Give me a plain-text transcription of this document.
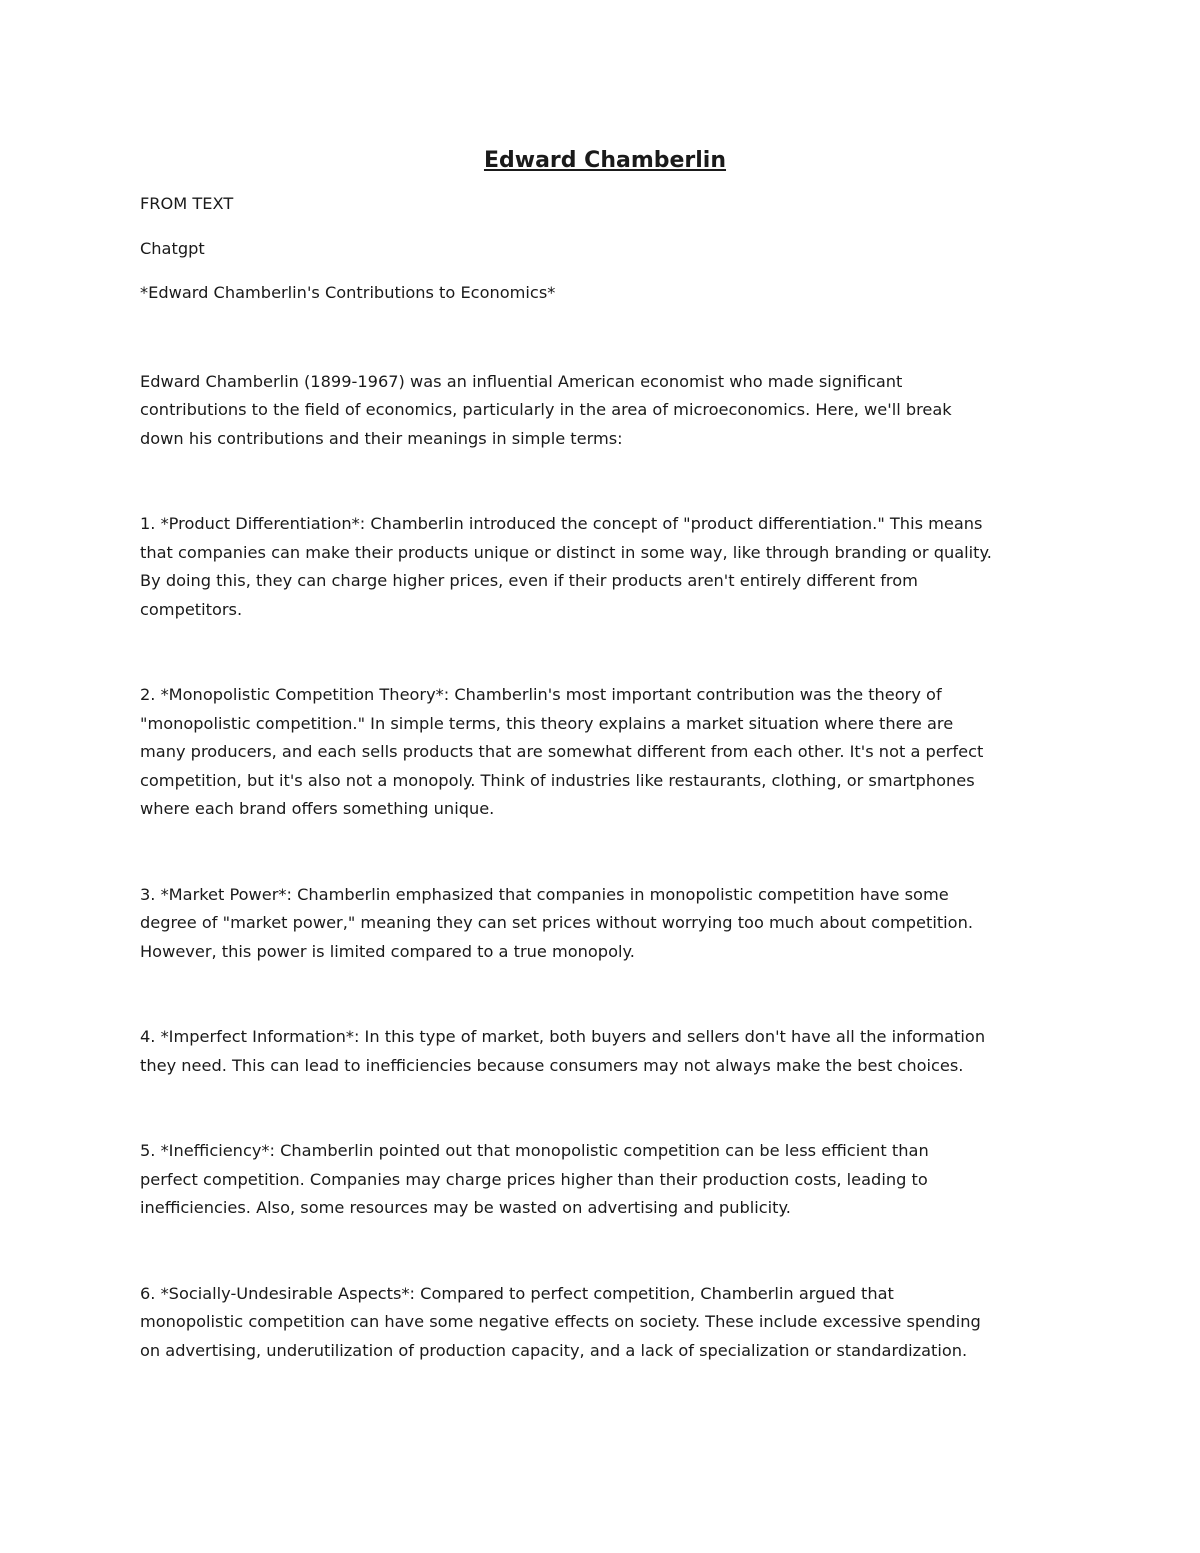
Edward Chamberlin

FROM TEXT

Chatgpt

*Edward Chamberlin's Contributions to Economics*

Edward Chamberlin (1899-1967) was an influential American economist who made significant

contributions to the field of economics, particularly in the area of microeconomics. Here, we'll break

down his contributions and their meanings in simple terms:

1. *Product Differentiation*: Chamberlin introduced the concept of "product differentiation." This means

that companies can make their products unique or distinct in some way, like through branding or quality.

By doing this, they can charge higher prices, even if their products aren't entirely different from

competitors.

2. *Monopolistic Competition Theory*: Chamberlin's most important contribution was the theory of

"monopolistic competition." In simple terms, this theory explains a market situation where there are

many producers, and each sells products that are somewhat different from each other. It's not a perfect

competition, but it's also not a monopoly. Think of industries like restaurants, clothing, or smartphones

where each brand offers something unique.

3. *Market Power*: Chamberlin emphasized that companies in monopolistic competition have some

degree of "market power," meaning they can set prices without worrying too much about competition.

However, this power is limited compared to a true monopoly.

4. *Imperfect Information*: In this type of market, both buyers and sellers don't have all the information

they need. This can lead to inefficiencies because consumers may not always make the best choices.

5. *Inefficiency*: Chamberlin pointed out that monopolistic competition can be less efficient than

perfect competition. Companies may charge prices higher than their production costs, leading to

inefficiencies. Also, some resources may be wasted on advertising and publicity.

6. *Socially-Undesirable Aspects*: Compared to perfect competition, Chamberlin argued that

monopolistic competition can have some negative effects on society. These include excessive spending

on advertising, underutilization of production capacity, and a lack of specialization or standardization.
